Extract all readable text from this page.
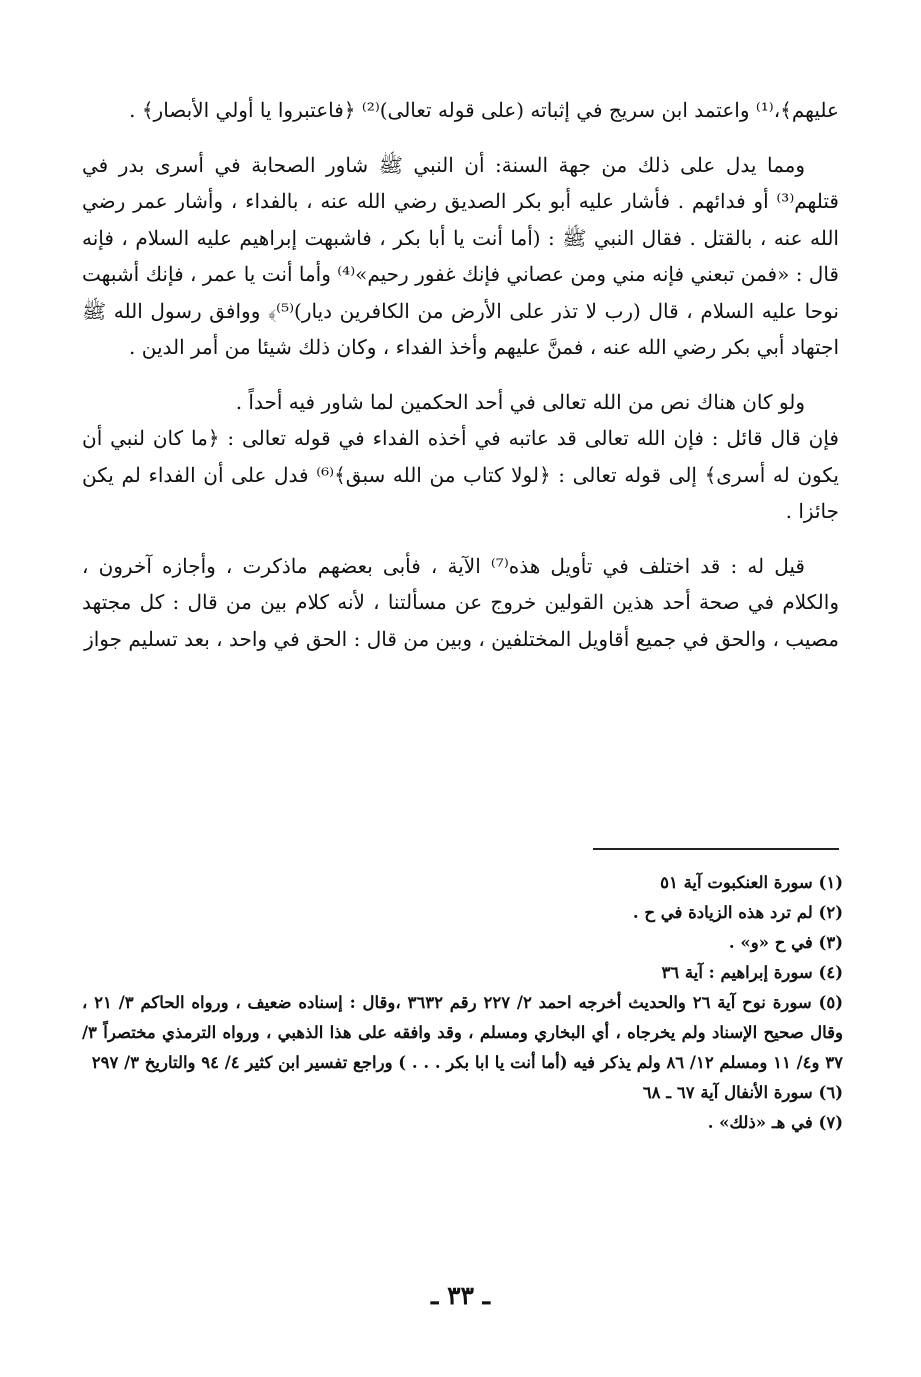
عليهم﴾،⁽¹⁾ واعتمد ابن سريج في إثباته (على قوله تعالى)⁽²⁾ ﴿فاعتبروا يا أولي الأبصار﴾ .

ومما يدل على ذلك من جهة السنة: أن النبي ﷺ شاور الصحابة في أسرى بدر في قتلهم⁽³⁾ أو فدائهم . فأشار عليه أبو بكر الصديق رضي الله عنه ، بالفداء ، وأشار عمر رضي الله عنه ، بالقتل . فقال النبي ﷺ : (أما أنت يا أبا بكر ، فاشبهت إبراهيم عليه السلام ، فإنه قال : «فمن تبعني فإنه مني ومن عصاني فإنك غفور رحيم»⁽⁴⁾ وأما أنت يا عمر ، فإنك أشبهت نوحا عليه السلام ، قال (رب لا تذر على الأرض من الكافرين ديار)⁽⁵⁾﴾ ووافق رسول الله ﷺ اجتهاد أبي بكر رضي الله عنه ، فمنَّ عليهم وأخذ الفداء ، وكان ذلك شيئا من أمر الدين .

ولو كان هناك نص من الله تعالى في أحد الحكمين لما شاور فيه أحداً .

فإن قال قائل : فإن الله تعالى قد عاتبه في أخذه الفداء في قوله تعالى : ﴿ما كان لنبي أن يكون له أسرى﴾ إلى قوله تعالى : ﴿لولا كتاب من الله سبق﴾⁽⁶⁾ فدل على أن الفداء لم يكن جائزا .

قيل له : قد اختلف في تأويل هذه⁽⁷⁾ الآية ، فأبى بعضهم ماذكرت ، وأجازه آخرون ، والكلام في صحة أحد هذين القولين خروج عن مسألتنا ، لأنه كلام بين من قال : كل مجتهد مصيب ، والحق في جميع أقاويل المختلفين ، وبين من قال : الحق في واحد ، بعد تسليم جواز

(١) سورة العنكبوت آية ٥١

(٢) لم ترد هذه الزيادة في ح .

(٣) في ح «و» .

(٤) سورة إبراهيم : آية ٣٦

(٥) سورة نوح آية ٢٦ والحديث أخرجه احمد ٢/ ٢٢٧ رقم ٣٦٣٢ ،وقال : إسناده ضعيف ، ورواه الحاكم ٣/ ٢١ ، وقال صحيح الإسناد ولم يخرجاه ، أي البخاري ومسلم ، وقد وافقه على هذا الذهبي ، ورواه الترمذي مختصراً ٣/ ٣٧ و٤/ ١١ ومسلم ١٢/ ٨٦ ولم يذكر فيه (أما أنت يا ابا بكر . . . ) وراجع تفسير ابن كثير ٤/ ٩٤ والتاريخ ٣/ ٢٩٧

(٦) سورة الأنفال آية ٦٧ ـ ٦٨

(٧) في هـ «ذلك» .

ـ ٣٣ ـ
